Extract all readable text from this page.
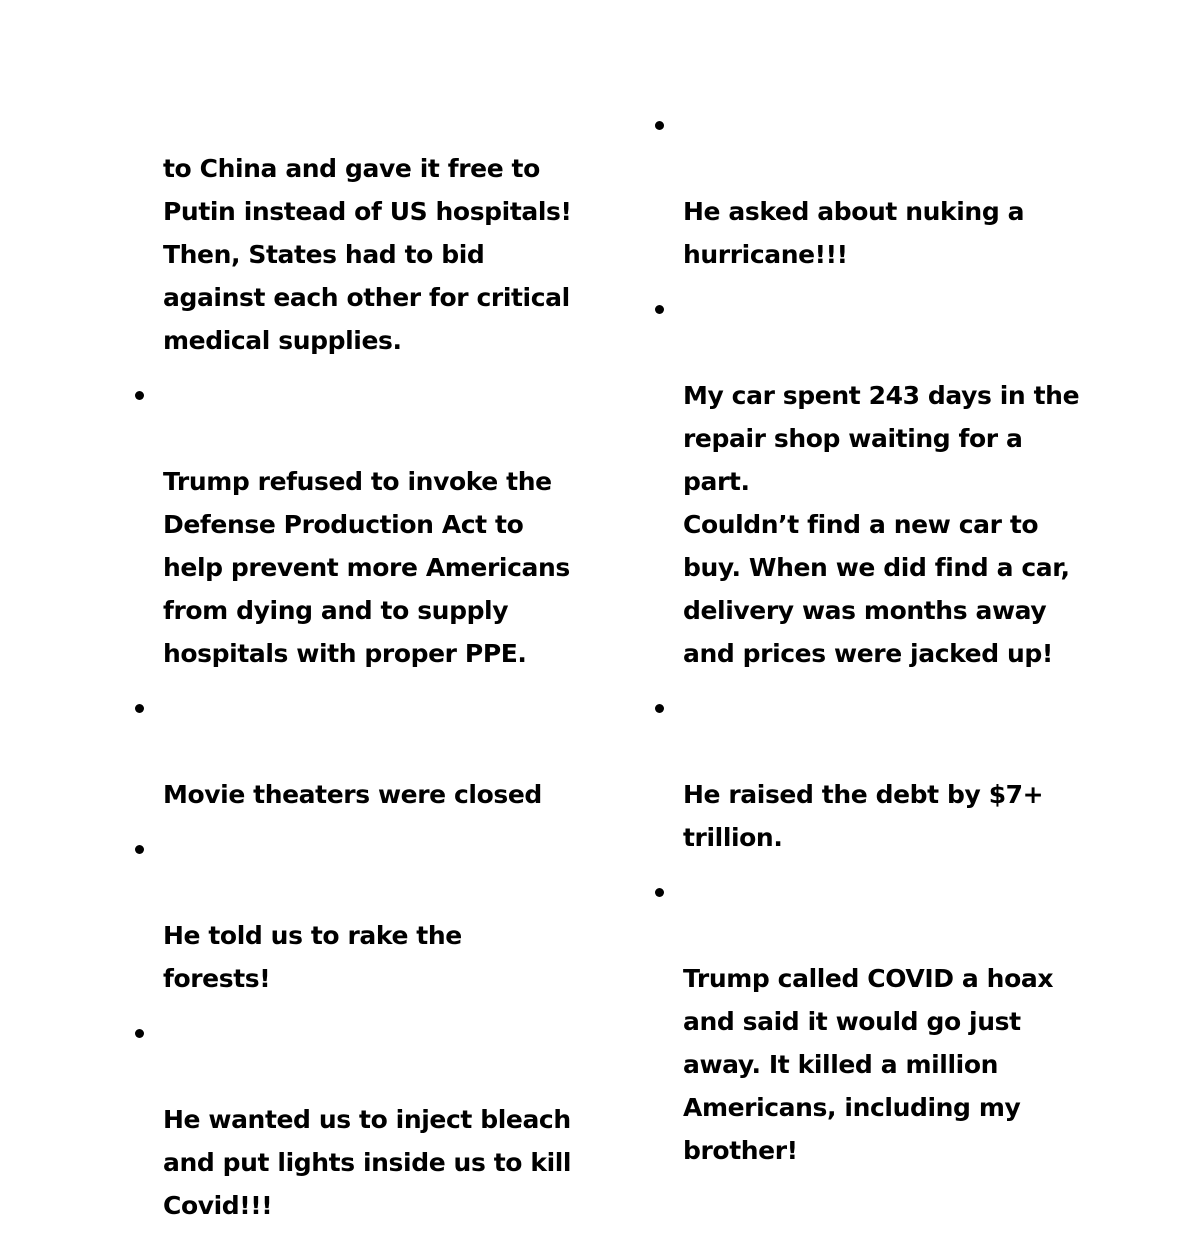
to China and gave it free to
Putin instead of US hospitals!
Then, States had to bid
against each other for critical
medical supplies.

Trump refused to invoke the
Defense Production Act to
help prevent more Americans
from dying and to supply
hospitals with proper PPE.

Movie theaters were closed

He told us to rake the forests!

He wanted us to inject bleach
and put lights inside us to kill
Covid!!!

He asked about nuking a
hurricane!!!

My car spent 243 days in the
repair shop waiting for a part.
Couldn’t find a new car to
buy. When we did find a car,
delivery was months away
and prices were jacked up!

He raised the debt by $7+
trillion.

Trump called COVID a hoax
and said it would go just
away. It killed a million
Americans, including my
brother!
